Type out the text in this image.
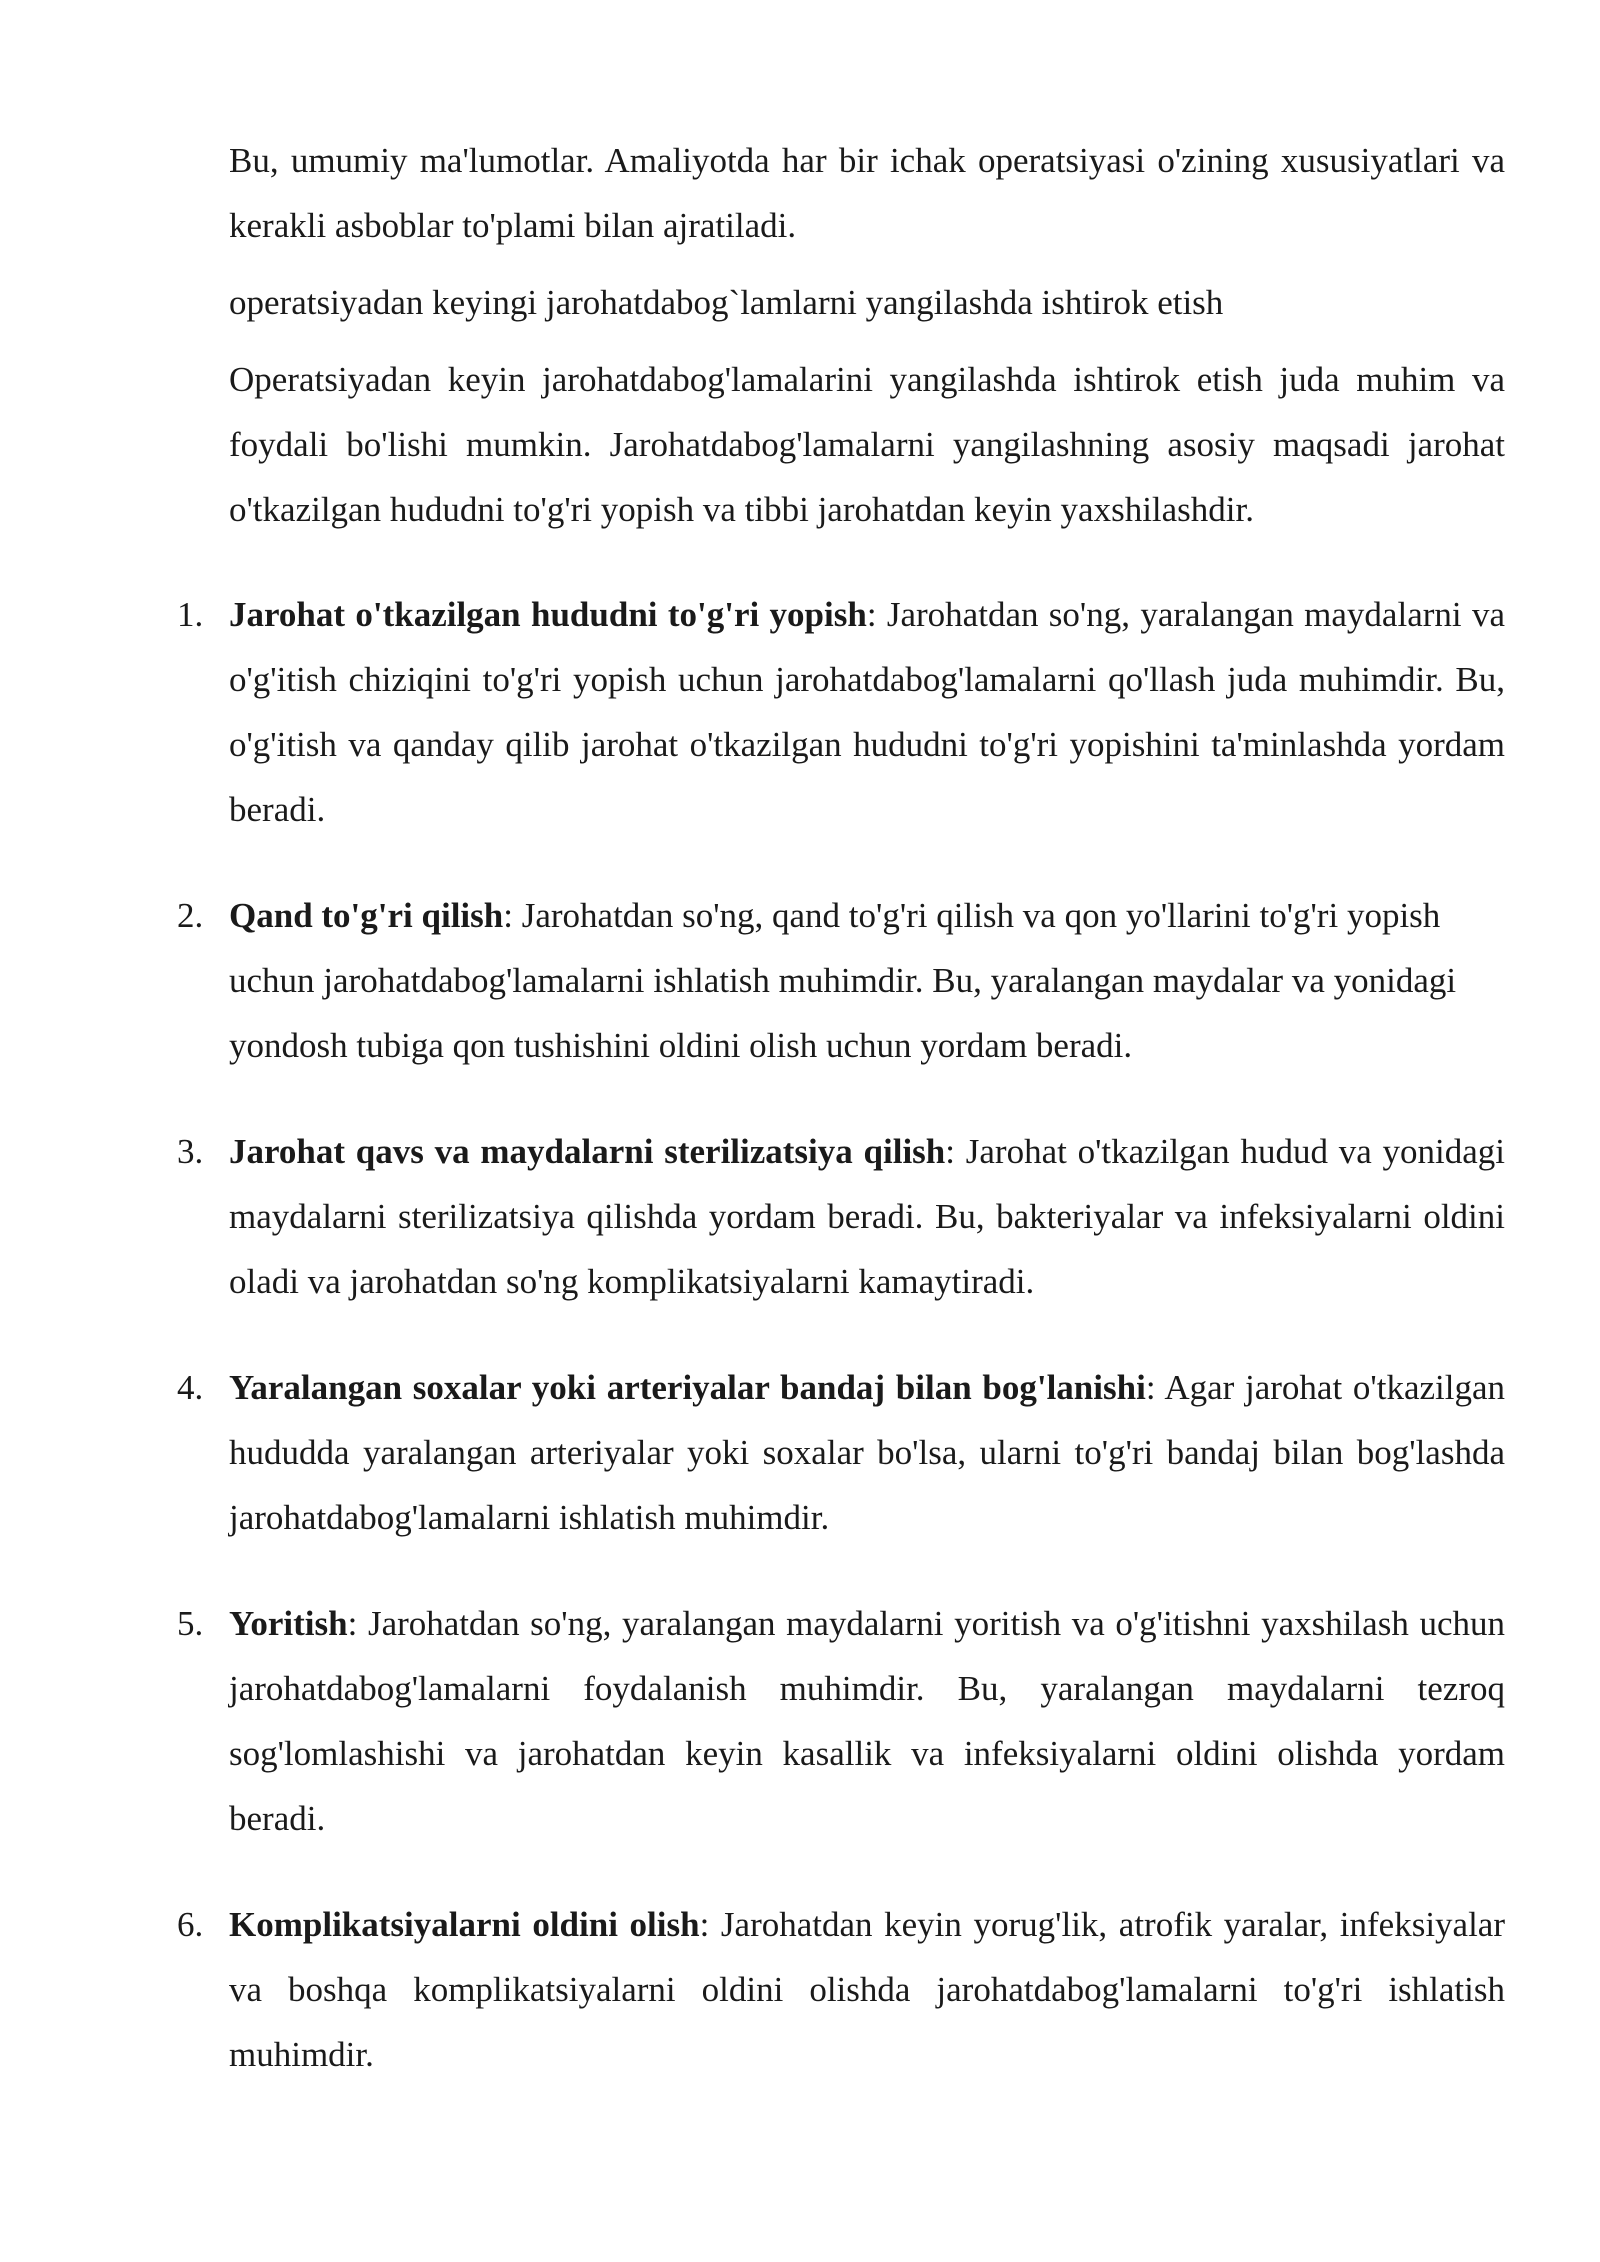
Bu, umumiy ma'lumotlar. Amaliyotda har bir ichak operatsiyasi o'zining xususiyatlari va kerakli asboblar to'plami bilan ajratiladi.

operatsiyadan keyingi jarohatdabog`lamlarni yangilashda ishtirok etish

Operatsiyadan keyin jarohatdabog'lamalarini yangilashda ishtirok etish juda muhim va foydali bo'lishi mumkin. Jarohatdabog'lamalarni yangilashning asosiy maqsadi jarohat o'tkazilgan hududni to'g'ri yopish va tibbi jarohatdan keyin yaxshilashdir.

1. Jarohat o'tkazilgan hududni to'g'ri yopish: Jarohatdan so'ng, yaralangan maydalarni va o'g'itish chiziqini to'g'ri yopish uchun jarohatdabog'lamalarni qo'llash juda muhimdir. Bu, o'g'itish va qanday qilib jarohat o'tkazilgan hududni to'g'ri yopishini ta'minlashda yordam beradi.
2. Qand to'g'ri qilish: Jarohatdan so'ng, qand to'g'ri qilish va qon yo'llarini to'g'ri yopish uchun jarohatdabog'lamalarni ishlatish muhimdir. Bu, yaralangan maydalar va yonidagi yondosh tubiga qon tushishini oldini olish uchun yordam beradi.
3. Jarohat qavs va maydalarni sterilizatsiya qilish: Jarohat o'tkazilgan hudud va yonidagi maydalarni sterilizatsiya qilishda yordam beradi. Bu, bakteriyalar va infeksiyalarni oldini oladi va jarohatdan so'ng komplikatsiyalarni kamaytiradi.
4. Yaralangan soxalar yoki arteriyalar bandaj bilan bog'lanishi: Agar jarohat o'tkazilgan hududda yaralangan arteriyalar yoki soxalar bo'lsa, ularni to'g'ri bandaj bilan bog'lashda jarohatdabog'lamalarni ishlatish muhimdir.
5. Yoritish: Jarohatdan so'ng, yaralangan maydalarni yoritish va o'g'itishni yaxshilash uchun jarohatdabog'lamalarni foydalanish muhimdir. Bu, yaralangan maydalarni tezroq sog'lomlashishi va jarohatdan keyin kasallik va infeksiyalarni oldini olishda yordam beradi.
6. Komplikatsiyalarni oldini olish: Jarohatdan keyin yorug'lik, atrofik yaralar, infeksiyalar va boshqa komplikatsiyalarni oldini olishda jarohatdabog'lamalarni to'g'ri ishlatish muhimdir.
